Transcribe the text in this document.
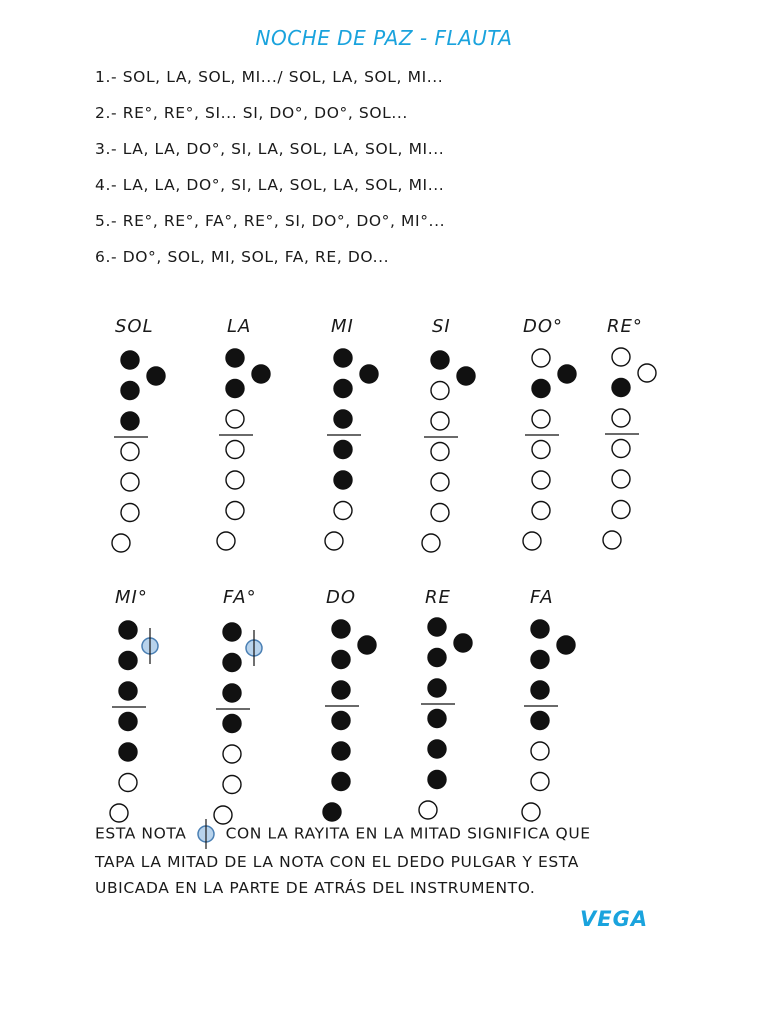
NOCHE DE PAZ - FLAUTA
1.- SOL, LA, SOL, MI.../ SOL, LA, SOL, MI...
2.- RE°, RE°, SI... SI, DO°, DO°, SOL...
3.- LA, LA, DO°, SI, LA, SOL, LA, SOL, MI...
4.- LA, LA, DO°, SI, LA, SOL, LA, SOL, MI...
5.- RE°, RE°, FA°, RE°, SI, DO°, DO°, MI°...
6.- DO°, SOL, MI, SOL, FA, RE, DO...
SOL	LA	MI	SI	DO° RE°
MI°	FA°	DO	RE	FA
ESTA NOTA	CON LA RAYITA EN LA MITAD SIGNIFICA QUE
TAPA LA MITAD DE LA NOTA CON EL DEDO PULGAR Y ESTA
UBICADA EN LA PARTE DE ATRÁS DEL INSTRUMENTO.
VEGA
